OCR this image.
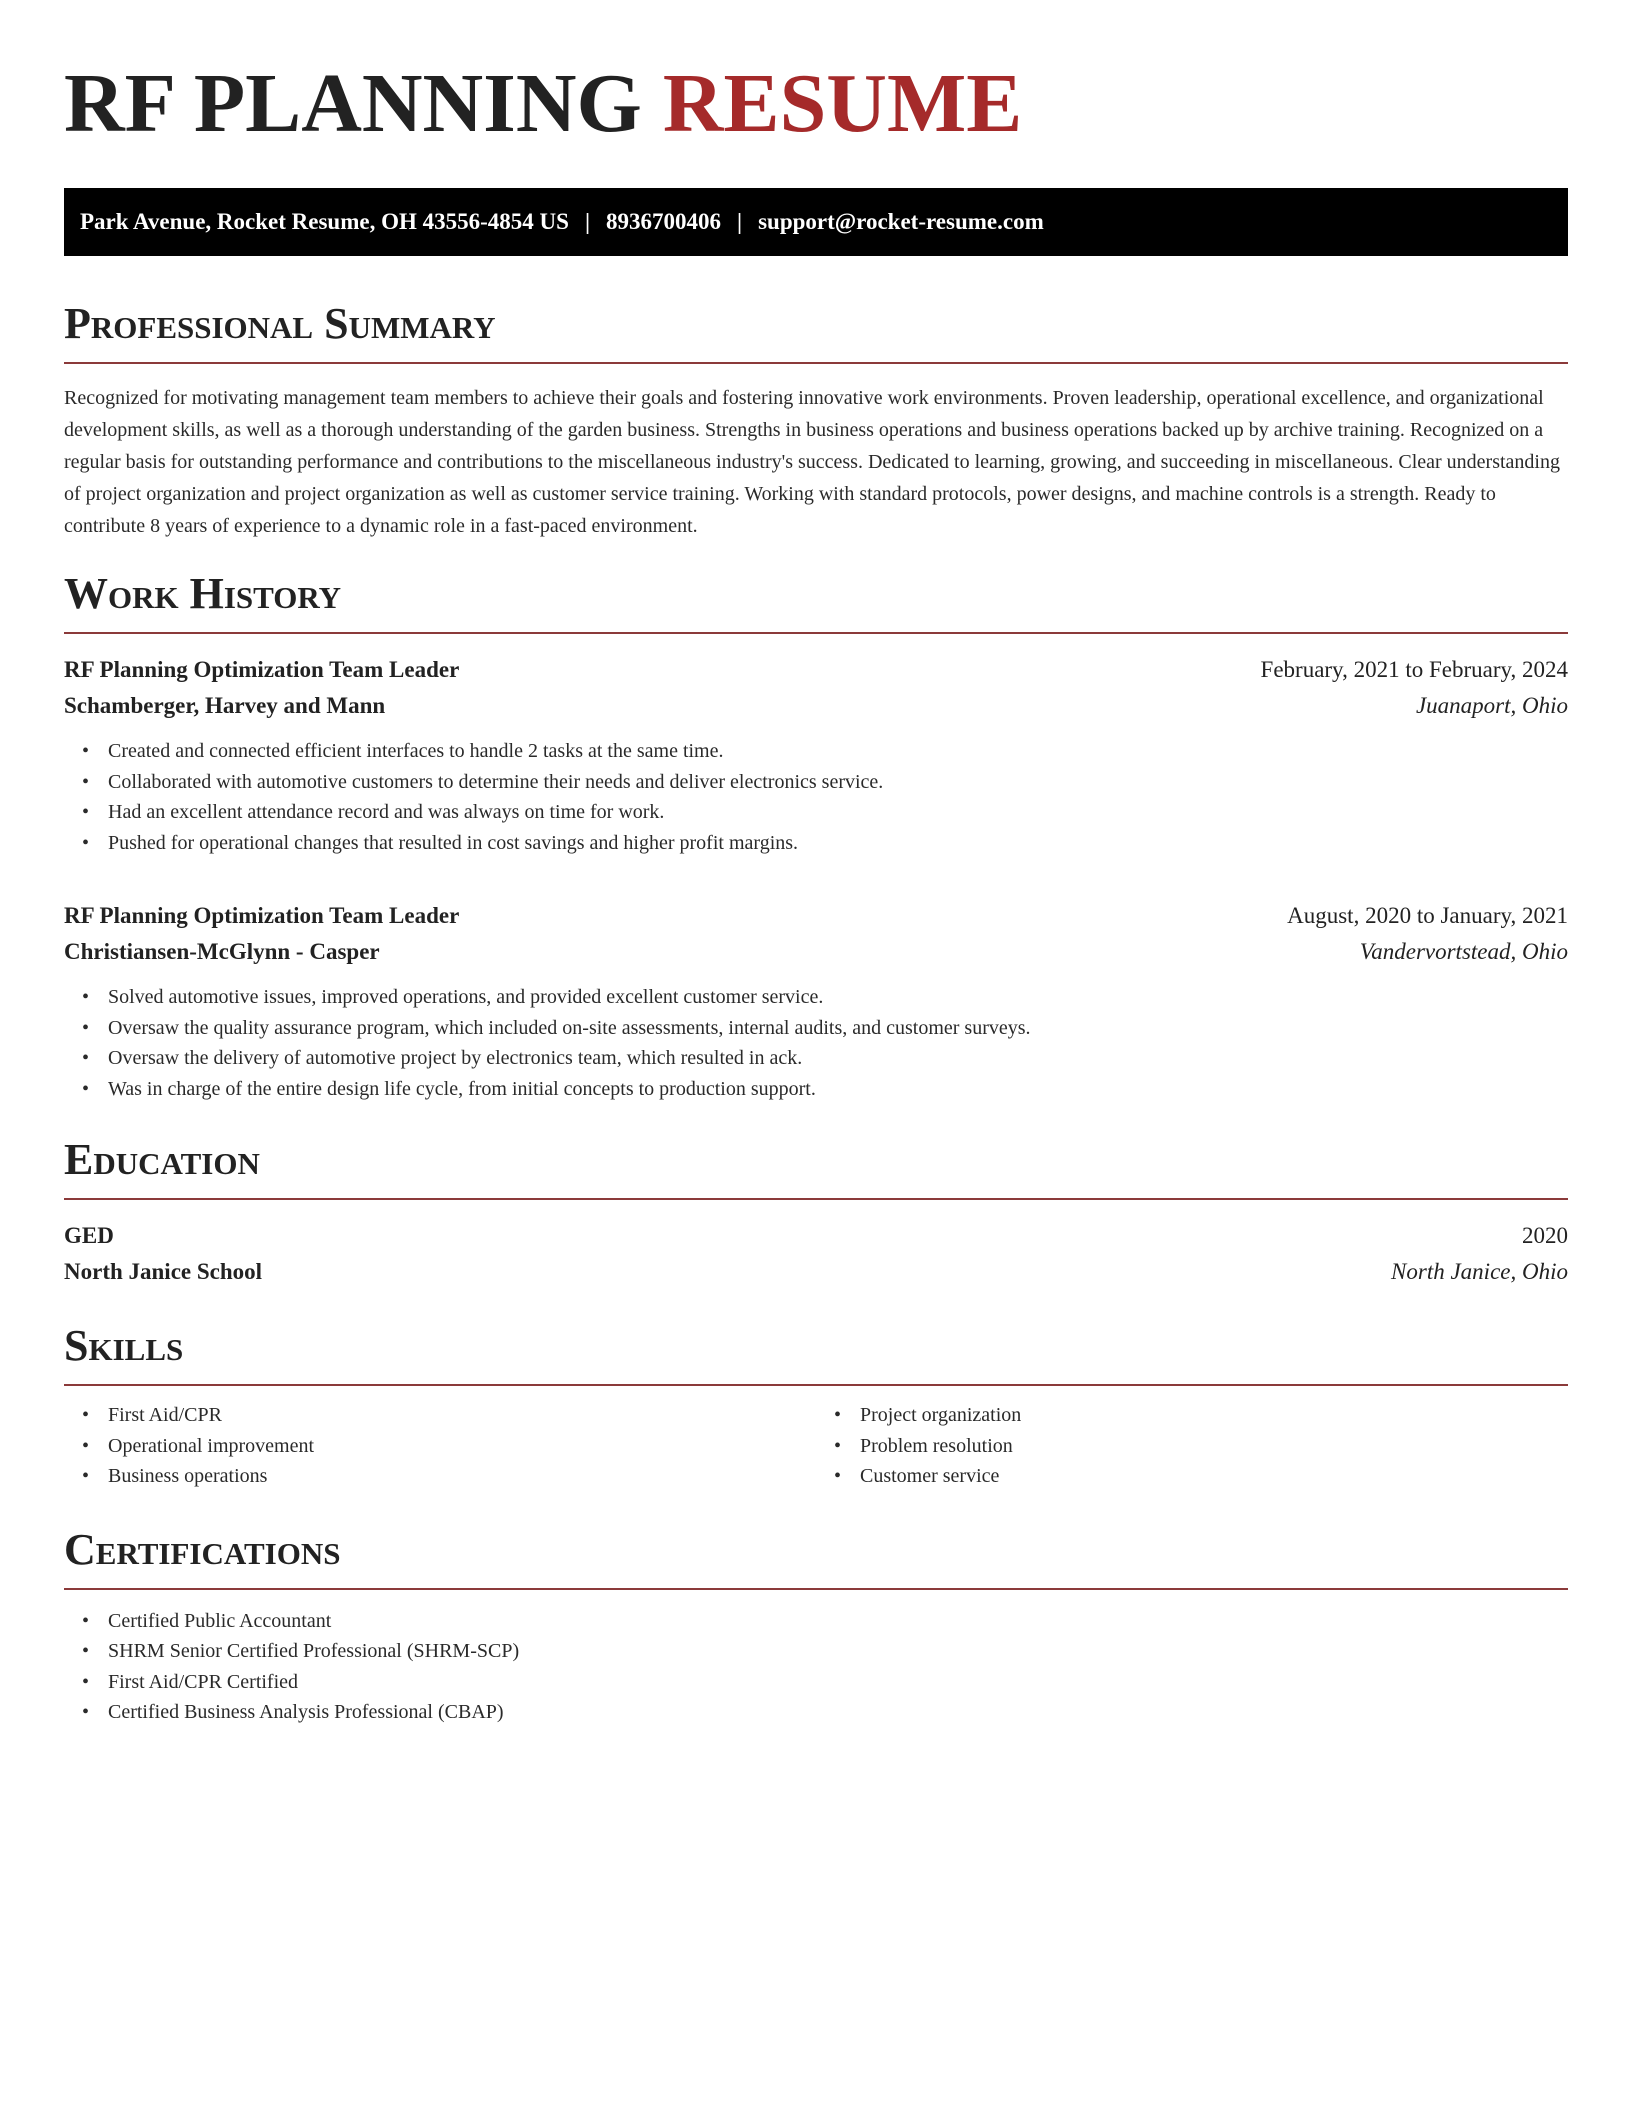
RF PLANNING RESUME
Park Avenue, Rocket Resume, OH 43556-4854 US | 8936700406 | support@rocket-resume.com
Professional Summary

Recognized for motivating management team members to achieve their goals and fostering innovative work environments. Proven leadership, operational excellence, and organizational development skills, as well as a thorough understanding of the garden business. Strengths in business operations and business operations backed up by archive training. Recognized on a regular basis for outstanding performance and contributions to the miscellaneous industry's success. Dedicated to learning, growing, and succeeding in miscellaneous. Clear understanding of project organization and project organization as well as customer service training. Working with standard protocols, power designs, and machine controls is a strength. Ready to contribute 8 years of experience to a dynamic role in a fast-paced environment.

Work History
RF Planning Optimization Team Leader	February, 2021 to February, 2024
Schamberger, Harvey and Mann	Juanaport, Ohio
• Created and connected efficient interfaces to handle 2 tasks at the same time.
• Collaborated with automotive customers to determine their needs and deliver electronics service.
• Had an excellent attendance record and was always on time for work.
• Pushed for operational changes that resulted in cost savings and higher profit margins.
RF Planning Optimization Team Leader	August, 2020 to January, 2021
Christiansen-McGlynn - Casper	Vandervortstead, Ohio
• Solved automotive issues, improved operations, and provided excellent customer service.
• Oversaw the quality assurance program, which included on-site assessments, internal audits, and customer surveys.
• Oversaw the delivery of automotive project by electronics team, which resulted in ack.
• Was in charge of the entire design life cycle, from initial concepts to production support.
Education
GED	2020
North Janice School	North Janice, Ohio
Skills
• First Aid/CPR
• Operational improvement
• Business operations
• Project organization
• Problem resolution
• Customer service
Certifications
• Certified Public Accountant
• SHRM Senior Certified Professional (SHRM-SCP)
• First Aid/CPR Certified
• Certified Business Analysis Professional (CBAP)
